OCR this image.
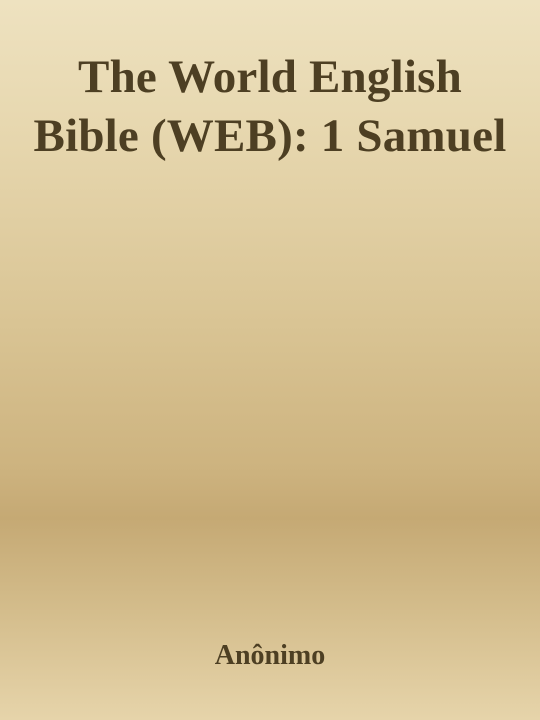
The World English Bible (WEB): 1 Samuel
Anônimo
